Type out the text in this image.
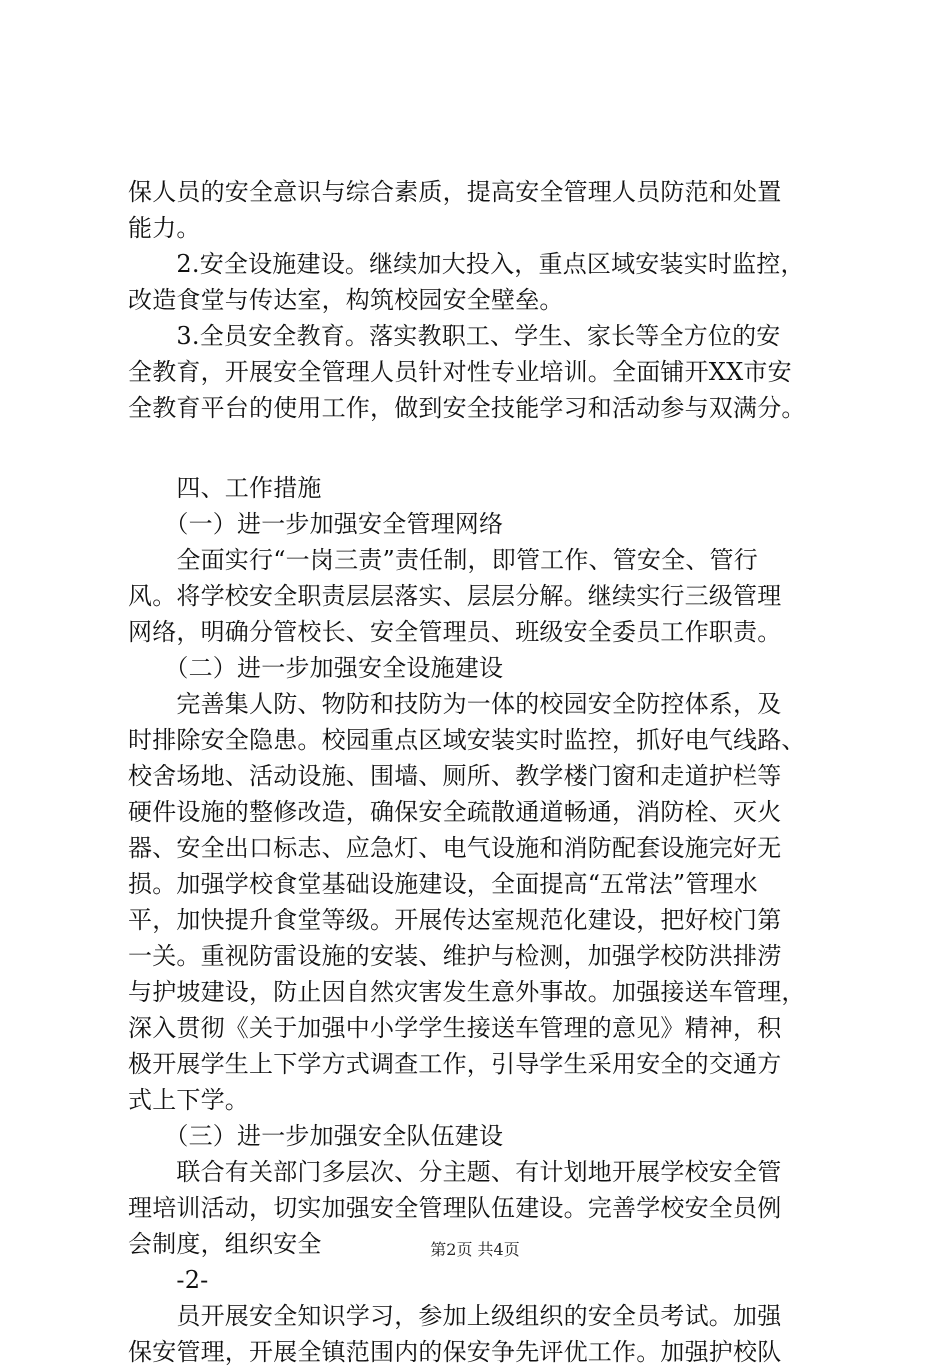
保人员的安全意识与综合素质，提高安全管理人员防范和处置
能力。
　　2.安全设施建设。继续加大投入，重点区域安装实时监控，
改造食堂与传达室，构筑校园安全壁垒。
　　3.全员安全教育。落实教职工、学生、家长等全方位的安
全教育，开展安全管理人员针对性专业培训。全面铺开XX市安
全教育平台的使用工作，做到安全技能学习和活动参与双满分。
　　四、工作措施
　　（一）进一步加强安全管理网络
　　全面实行“一岗三责”责任制，即管工作、管安全、管行
风。将学校安全职责层层落实、层层分解。继续实行三级管理
网络，明确分管校长、安全管理员、班级安全委员工作职责。
　　（二）进一步加强安全设施建设
　　完善集人防、物防和技防为一体的校园安全防控体系，及
时排除安全隐患。校园重点区域安装实时监控，抓好电气线路、
校舍场地、活动设施、围墙、厕所、教学楼门窗和走道护栏等
硬件设施的整修改造，确保安全疏散通道畅通，消防栓、灭火
器、安全出口标志、应急灯、电气设施和消防配套设施完好无
损。加强学校食堂基础设施建设，全面提高“五常法”管理水
平，加快提升食堂等级。开展传达室规范化建设，把好校门第
一关。重视防雷设施的安装、维护与检测，加强学校防洪排涝
与护坡建设，防止因自然灾害发生意外事故。加强接送车管理，
深入贯彻《关于加强中小学学生接送车管理的意见》精神，积
极开展学生上下学方式调查工作，引导学生采用安全的交通方
式上下学。
　　（三）进一步加强安全队伍建设
　　联合有关部门多层次、分主题、有计划地开展学校安全管
理培训活动，切实加强安全管理队伍建设。完善学校安全员例
会制度，组织安全
　　-2-
　　员开展安全知识学习，参加上级组织的安全员考试。加强
保安管理，开展全镇范围内的保安争先评优工作。加强护校队
第2页 共4页
